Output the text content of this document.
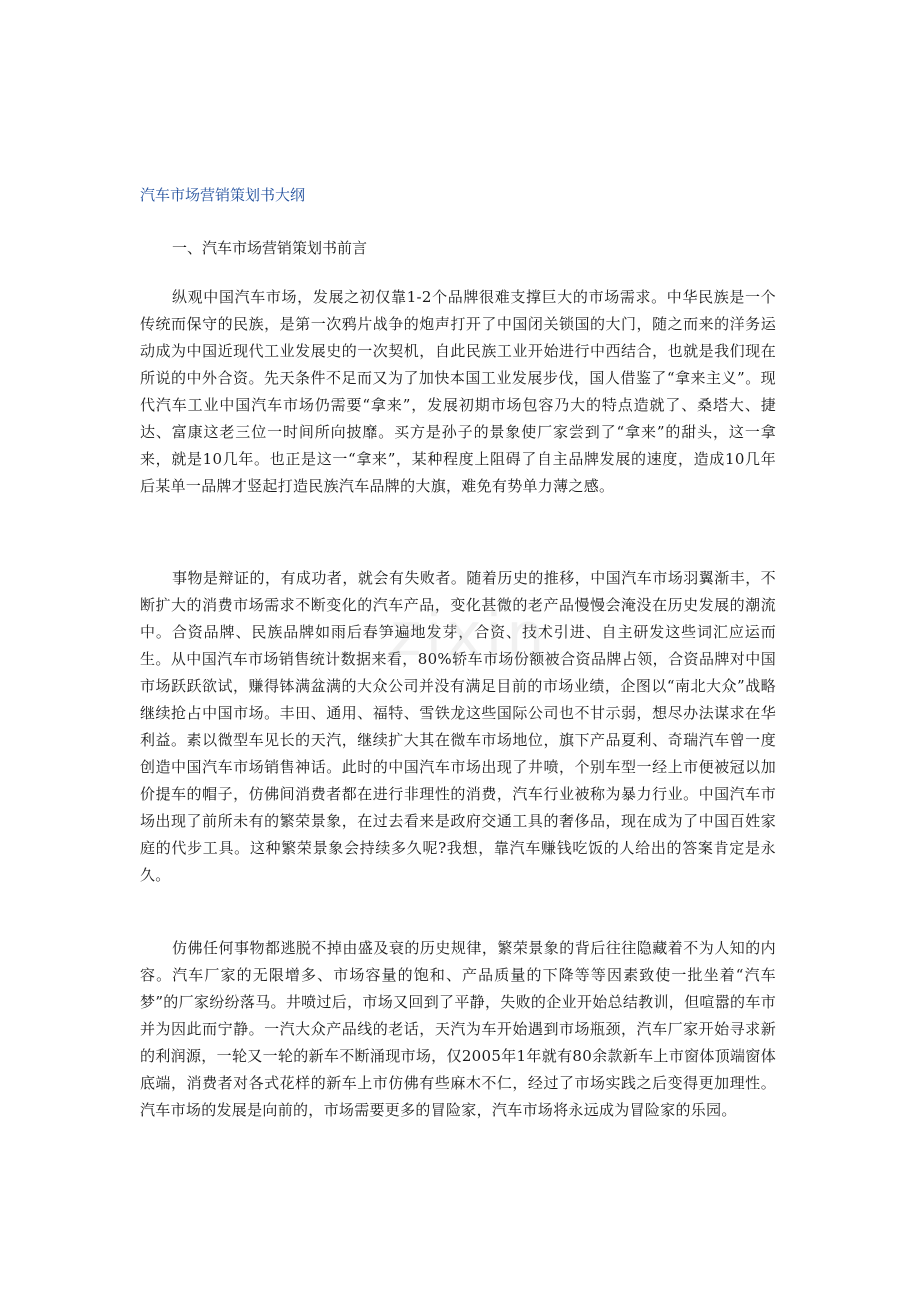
汽车市场营销策划书大纲
一、汽车市场营销策划书前言

纵观中国汽车市场，发展之初仅靠1-2个品牌很难支撑巨大的市场需求。中华民族是一个传统而保守的民族，是第一次鸦片战争的炮声打开了中国闭关锁国的大门，随之而来的洋务运动成为中国近现代工业发展史的一次契机，自此民族工业开始进行中西结合，也就是我们现在所说的中外合资。先天条件不足而又为了加快本国工业发展步伐，国人借鉴了“拿来主义”。现代汽车工业中国汽车市场仍需要“拿来”，发展初期市场包容乃大的特点造就了、桑塔大、捷达、富康这老三位一时间所向披靡。买方是孙子的景象使厂家尝到了“拿来”的甜头，这一拿来，就是10几年。也正是这一“拿来”，某种程度上阻碍了自主品牌发展的速度，造成10几年后某单一品牌才竖起打造民族汽车品牌的大旗，难免有势单力薄之感。

事物是辩证的，有成功者，就会有失败者。随着历史的推移，中国汽车市场羽翼渐丰，不断扩大的消费市场需求不断变化的汽车产品，变化甚微的老产品慢慢会淹没在历史发展的潮流中。合资品牌、民族品牌如雨后春笋遍地发芽，合资、技术引进、自主研发这些词汇应运而生。从中国汽车市场销售统计数据来看，80%轿车市场份额被合资品牌占领，合资品牌对中国市场跃跃欲试，赚得钵满盆满的大众公司并没有满足目前的市场业绩，企图以“南北大众”战略继续抢占中国市场。丰田、通用、福特、雪铁龙这些国际公司也不甘示弱，想尽办法谋求在华利益。素以微型车见长的天汽，继续扩大其在微车市场地位，旗下产品夏利、奇瑞汽车曾一度创造中国汽车市场销售神话。此时的中国汽车市场出现了井喷，个别车型一经上市便被冠以加价提车的帽子，仿佛间消费者都在进行非理性的消费，汽车行业被称为暴力行业。中国汽车市场出现了前所未有的繁荣景象，在过去看来是政府交通工具的奢侈品，现在成为了中国百姓家庭的代步工具。这种繁荣景象会持续多久呢?我想，靠汽车赚钱吃饭的人给出的答案肯定是永久。

仿佛任何事物都逃脱不掉由盛及衰的历史规律，繁荣景象的背后往往隐藏着不为人知的内容。汽车厂家的无限增多、市场容量的饱和、产品质量的下降等等因素致使一批坐着“汽车梦”的厂家纷纷落马。井喷过后，市场又回到了平静，失败的企业开始总结教训，但喧嚣的车市并为因此而宁静。一汽大众产品线的老话，天汽为车开始遇到市场瓶颈，汽车厂家开始寻求新的利润源，一轮又一轮的新车不断涌现市场，仅2005年1年就有80余款新车上市窗体顶端窗体底端，消费者对各式花样的新车上市仿佛有些麻木不仁，经过了市场实践之后变得更加理性。汽车市场的发展是向前的，市场需要更多的冒险家，汽车市场将永远成为冒险家的乐园。

zixin
